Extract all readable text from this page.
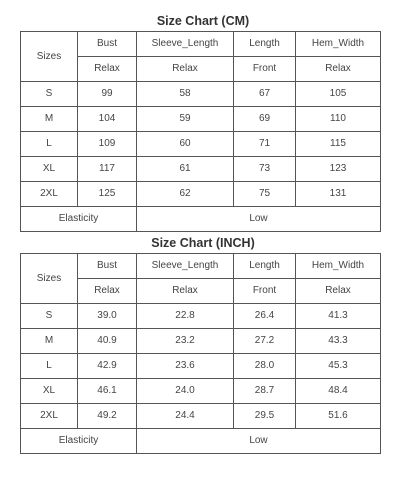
Size Chart (CM)
Sizes	Bust	Sleeve_Length	Length	Hem_Width
	Relax	Relax	Front	Relax
S	99	58	67	105
M	104	59	69	110
L	109	60	71	115
XL	117	61	73	123
2XL	125	62	75	131
Elasticity		Low		
Size Chart (INCH)
Sizes	Bust	Sleeve_Length	Length	Hem_Width
	Relax	Relax	Front	Relax
S	39.0	22.8	26.4	41.3
M	40.9	23.2	27.2	43.3
L	42.9	23.6	28.0	45.3
XL	46.1	24.0	28.7	48.4
2XL	49.2	24.4	29.5	51.6
Elasticity		Low		
